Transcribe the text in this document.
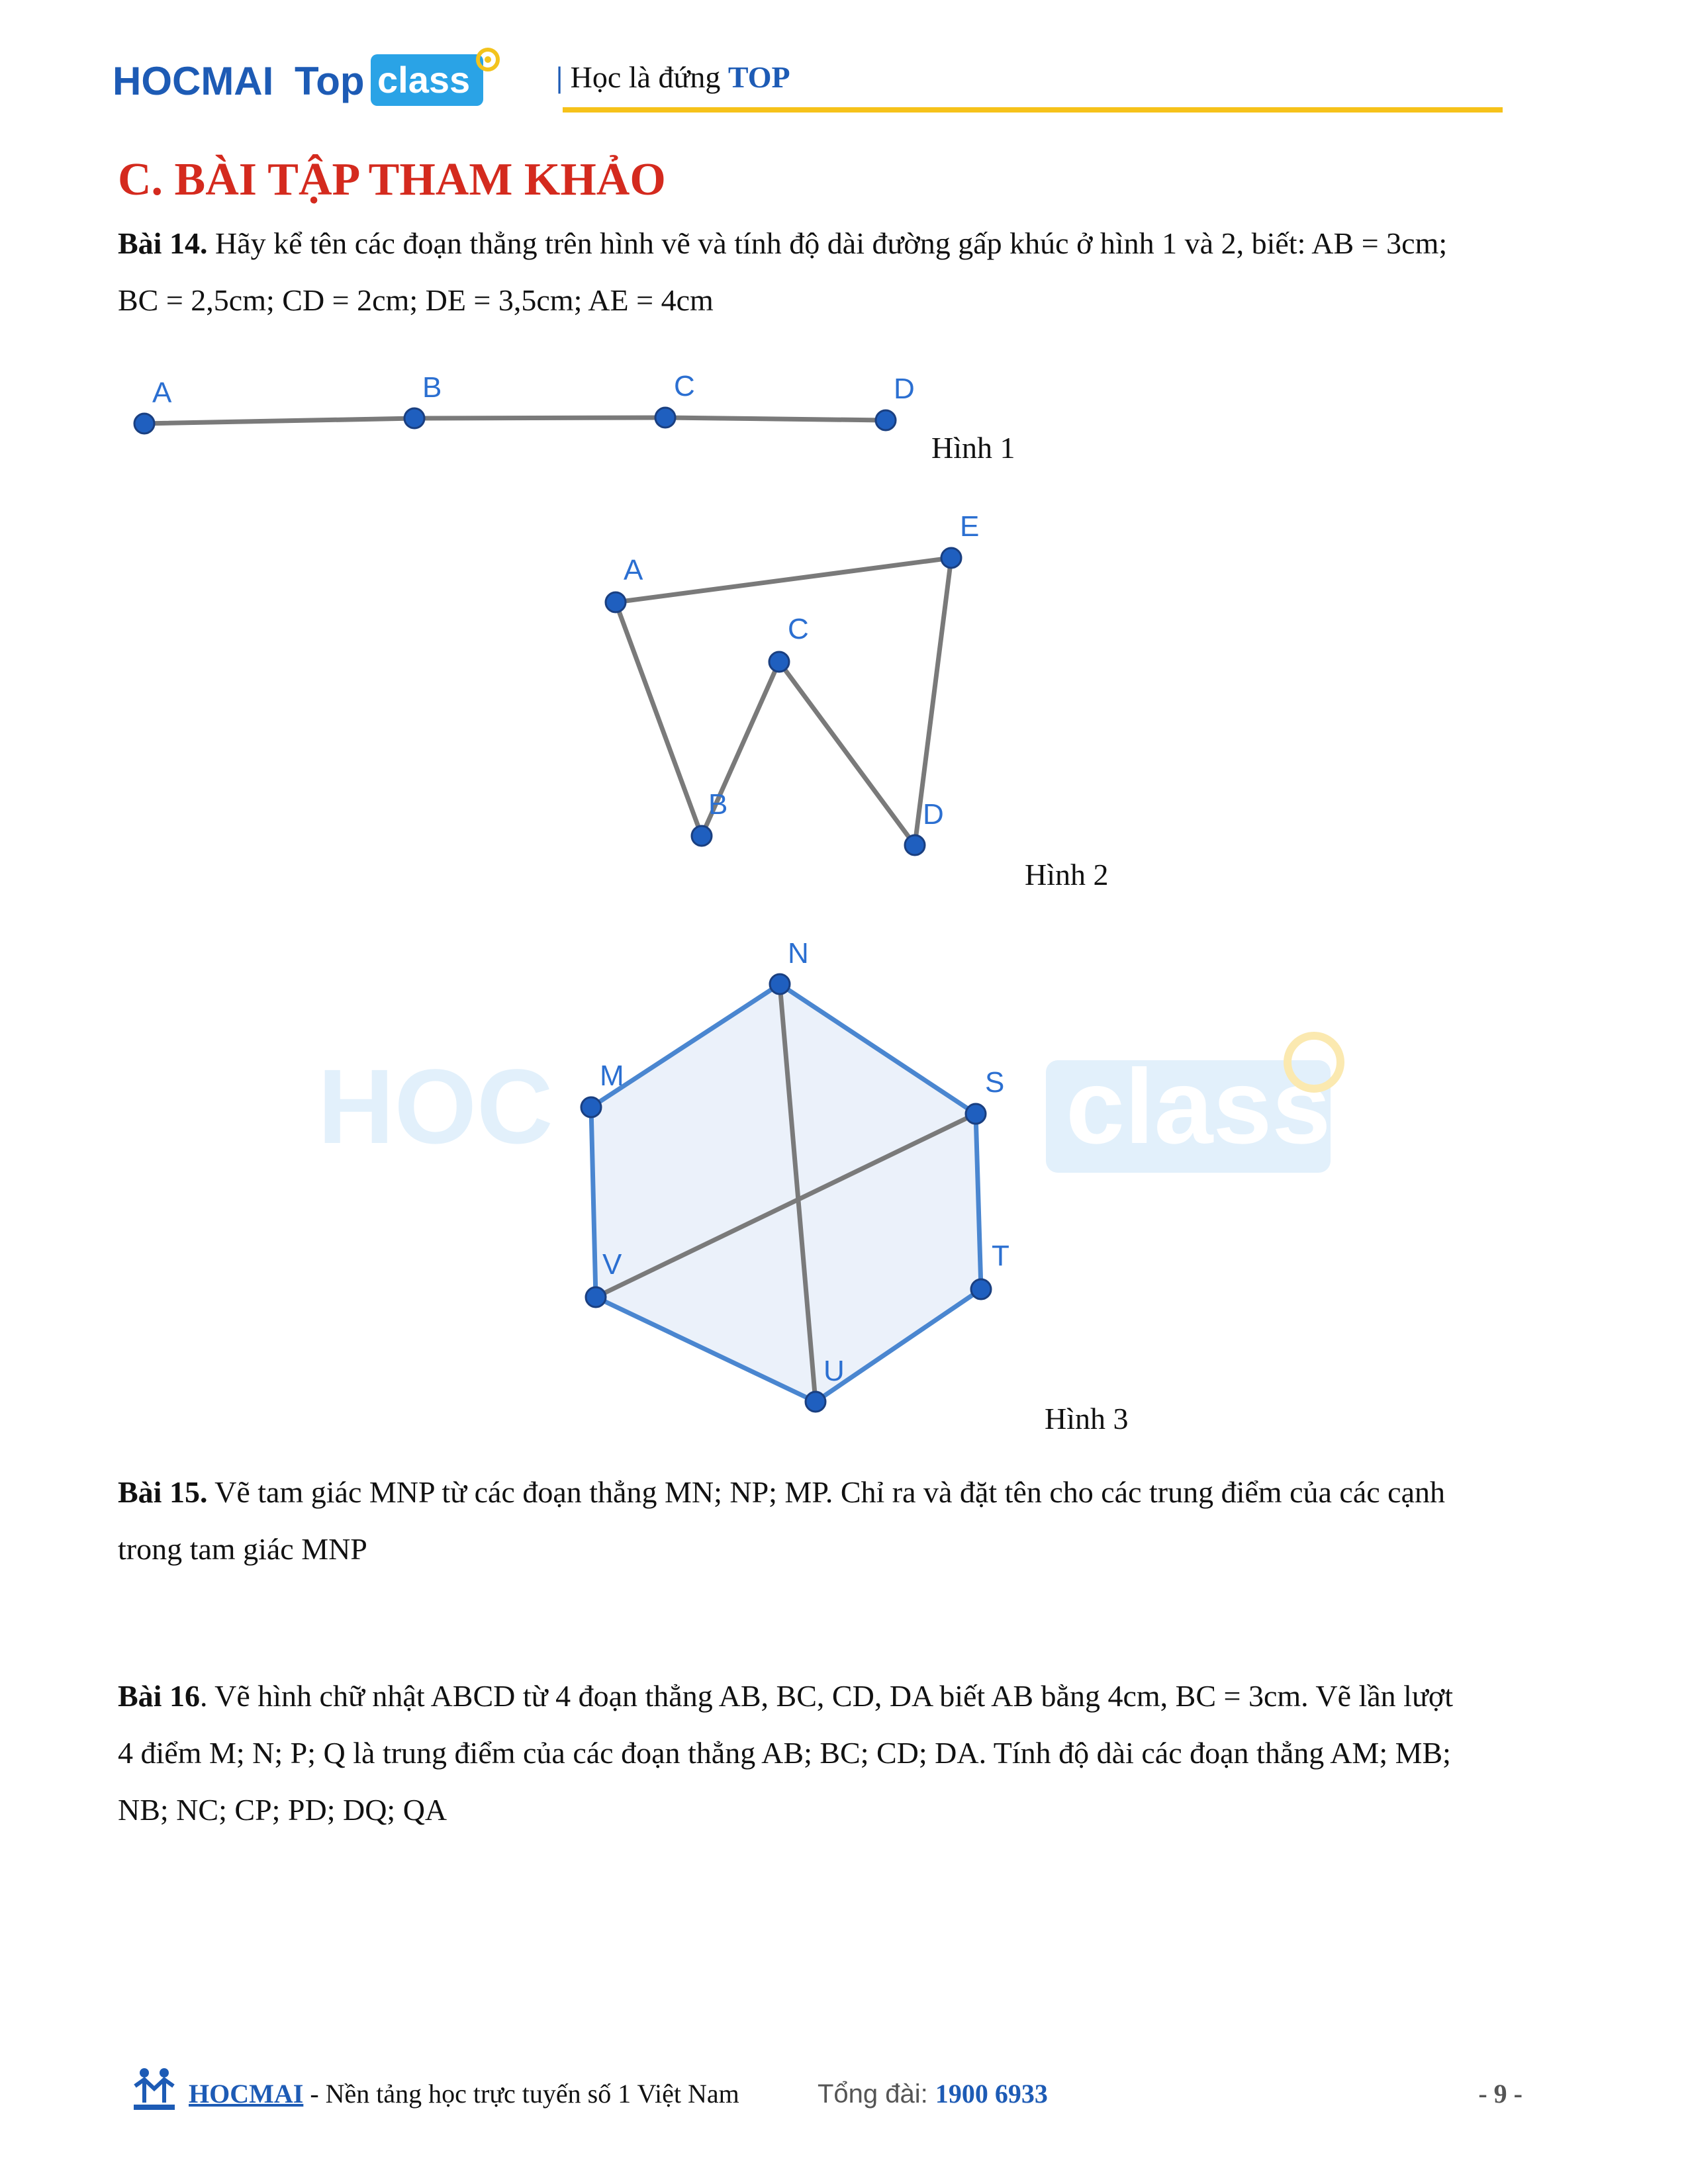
HOCMAI Top class	| Học là đứng TOP
C. BÀI TẬP THAM KHẢO
Bài 14. Hãy kể tên các đoạn thẳng trên hình vẽ và tính độ dài đường gấp khúc ở hình 1 và 2, biết: AB = 3cm;
BC = 2,5cm; CD = 2cm; DE = 3,5cm; AE = 4cm
HOC	class
A	B	C	D
A
B
C
D
E
N
M	S
V	T
U
Hình 1
Hình 2
Hình 3
Bài 15. Vẽ tam giác MNP từ các đoạn thẳng MN; NP; MP. Chỉ ra và đặt tên cho các trung điểm của các cạnh
trong tam giác MNP
Bài 16. Vẽ hình chữ nhật ABCD từ 4 đoạn thẳng AB, BC, CD, DA biết AB bằng 4cm, BC = 3cm. Vẽ lần lượt
4 điểm M; N; P; Q là trung điểm của các đoạn thẳng AB; BC; CD; DA. Tính độ dài các đoạn thẳng AM; MB;
NB; NC; CP; PD; DQ; QA
HOCMAI - Nền tảng học trực tuyến số 1 Việt Nam	Tổng đài: 1900 6933	- 9 -
